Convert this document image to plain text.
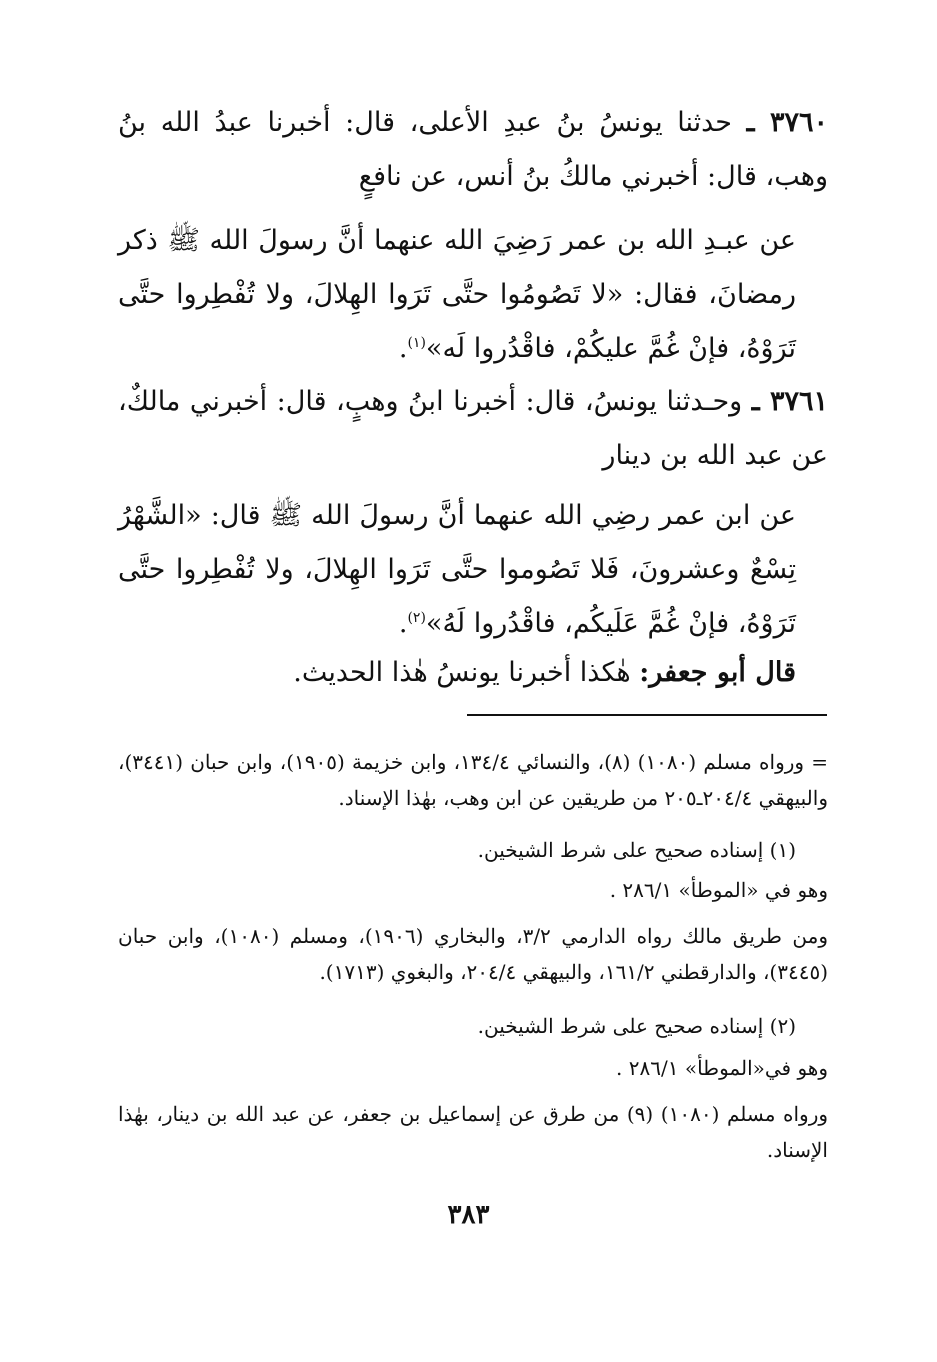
٣٧٦٠ ـ حدثنا يونسُ بنُ عبدِ الأعلى، قال: أخبرنا عبدُ الله بنُ وهب، قال: أخبرني مالكُ بنُ أنس، عن نافعٍ
عن عبـدِ الله بن عمر رَضِيَ الله عنهما أنَّ رسولَ الله ﷺ ذكر رمضانَ، فقال: «لا تَصُومُوا حتَّى تَرَوا الهِلالَ، ولا تُفْطِروا حتَّى تَرَوْهُ، فإنْ غُمَّ عليكُمْ، فاقْدُروا لَه»$^{(١)}$.
٣٧٦١ ـ وحـدثنا يونسُ، قال: أخبرنا ابنُ وهبٍ، قال: أخبرني مالكٌ، عن عبد الله بن دينار
عن ابن عمر رضِي الله عنهما أنَّ رسولَ الله ﷺ قال: «الشَّهْرُ تِسْعٌ وعشرونَ، فَلا تَصُوموا حتَّى تَرَوا الهِلالَ، ولا تُفْطِروا حتَّى تَرَوْهُ، فإنْ غُمَّ عَلَيكُم، فاقْدُروا لَهُ»$^{(٢)}$.
قال أبو جعفر: هٰكذا أخبرنا يونسُ هٰذا الحديث.
= ورواه مسلم (١٠٨٠) (٨)، والنسائي ١٣٤/٤، وابن خزيمة (١٩٠٥)، وابن حبان (٣٤٤١)، والبيهقي ٢٠٤/٤ـ٢٠٥ من طريقين عن ابن وهب، بهٰذا الإسناد.
(١) إسناده صحيح على شرط الشيخين.
وهو في «الموطأ» ٢٨٦/١ .
ومن طريق مالك رواه الدارمي ٣/٢، والبخاري (١٩٠٦)، ومسلم (١٠٨٠)، وابن حبان (٣٤٤٥)، والدارقطني ١٦١/٢، والبيهقي ٢٠٤/٤، والبغوي (١٧١٣).
(٢) إسناده صحيح على شرط الشيخين.
وهو في«الموطأ» ٢٨٦/١ .
ورواه مسلم (١٠٨٠) (٩) من طرق عن إسماعيل بن جعفر، عن عبد الله بن دينار، بهٰذا الإسناد.
٣٨٣
